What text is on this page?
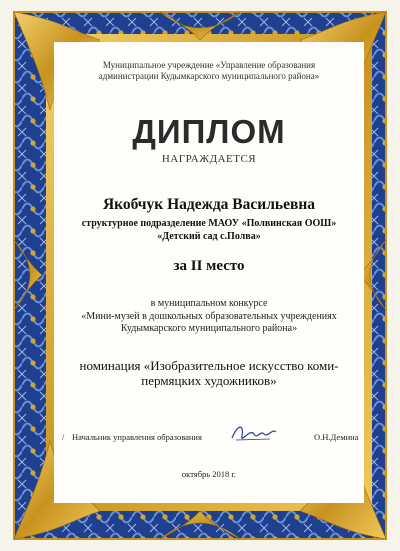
Муниципальное учреждение «Управление образования
администрации Кудымкарского муниципального района»
ДИПЛОМ
НАГРАЖДАЕТСЯ
Якобчук Надежда Васильевна
структурное подразделение МАОУ «Полвинская ООШ»
«Детский сад с.Полва»
за II место
в муниципальном конкурсе
«Мини-музей в дошкольных образовательных учреждениях
Кудымкарского муниципального района»
номинация «Изобразительное искусство коми-
пермяцких художников»
/ Начальник управления образования	О.Н.Демина
октябрь 2018 г.
